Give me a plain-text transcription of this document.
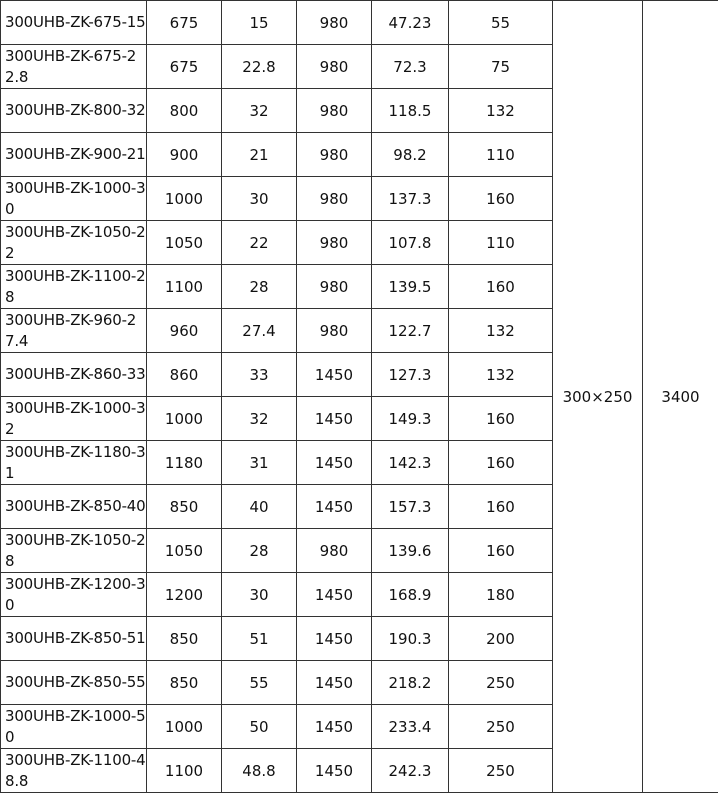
300UHB-ZK-675-15	675	15	980	47.23	55	300×250	3400
300UHB-ZK-675-22.8	675	22.8	980	72.3	75		
300UHB-ZK-800-32	800	32	980	118.5	132		
300UHB-ZK-900-21	900	21	980	98.2	110		
300UHB-ZK-1000-30	1000	30	980	137.3	160		
300UHB-ZK-1050-22	1050	22	980	107.8	110		
300UHB-ZK-1100-28	1100	28	980	139.5	160		
300UHB-ZK-960-27.4	960	27.4	980	122.7	132		
300UHB-ZK-860-33	860	33	1450	127.3	132		
300UHB-ZK-1000-32	1000	32	1450	149.3	160		
300UHB-ZK-1180-31	1180	31	1450	142.3	160		
300UHB-ZK-850-40	850	40	1450	157.3	160		
300UHB-ZK-1050-28	1050	28	980	139.6	160		
300UHB-ZK-1200-30	1200	30	1450	168.9	180		
300UHB-ZK-850-51	850	51	1450	190.3	200		
300UHB-ZK-850-55	850	55	1450	218.2	250		
300UHB-ZK-1000-50	1000	50	1450	233.4	250		
300UHB-ZK-1100-48.8	1100	48.8	1450	242.3	250		
